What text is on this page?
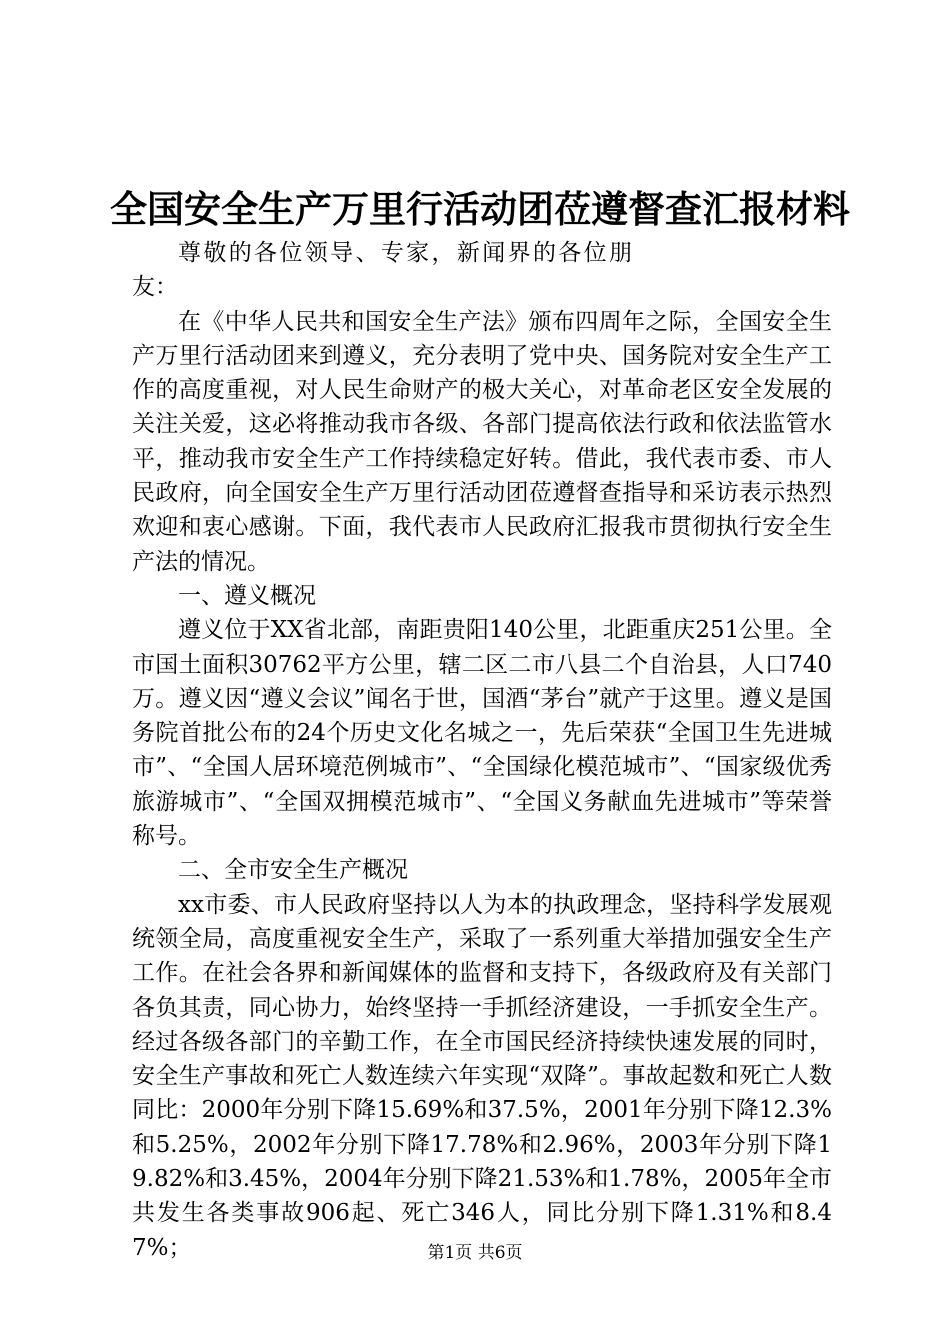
全国安全生产万里行活动团莅遵督查汇报材料

尊敬的各位领导、专家，新闻界的各位朋友：

在《中华人民共和国安全生产法》颁布四周年之际，全国安全生产万里行活动团来到遵义，充分表明了党中央、国务院对安全生产工作的高度重视，对人民生命财产的极大关心，对革命老区安全发展的关注关爱，这必将推动我市各级、各部门提高依法行政和依法监管水平，推动我市安全生产工作持续稳定好转。借此，我代表市委、市人民政府，向全国安全生产万里行活动团莅遵督查指导和采访表示热烈欢迎和衷心感谢。下面，我代表市人民政府汇报我市贯彻执行安全生产法的情况。

一、遵义概况

遵义位于XX省北部，南距贵阳140公里，北距重庆251公里。全市国土面积30762平方公里，辖二区二市八县二个自治县，人口740万。遵义因“遵义会议”闻名于世，国酒“茅台”就产于这里。遵义是国务院首批公布的24个历史文化名城之一，先后荣获“全国卫生先进城市”、“全国人居环境范例城市”、“全国绿化模范城市”、“国家级优秀旅游城市”、“全国双拥模范城市”、“全国义务献血先进城市”等荣誉称号。

二、全市安全生产概况

xx市委、市人民政府坚持以人为本的执政理念，坚持科学发展观统领全局，高度重视安全生产，采取了一系列重大举措加强安全生产工作。在社会各界和新闻媒体的监督和支持下，各级政府及有关部门各负其责，同心协力，始终坚持一手抓经济建设，一手抓安全生产。经过各级各部门的辛勤工作，在全市国民经济持续快速发展的同时，安全生产事故和死亡人数连续六年实现“双降”。事故起数和死亡人数同比：2000年分别下降15.69%和37.5%，2001年分别下降12.3%和5.25%，2002年分别下降17.78%和2.96%，2003年分别下降19.82%和3.45%，2004年分别下降21.53%和1.78%，2005年全市共发生各类事故906起、死亡346人，同比分别下降1.31%和8.47%；	第1页 共6页
